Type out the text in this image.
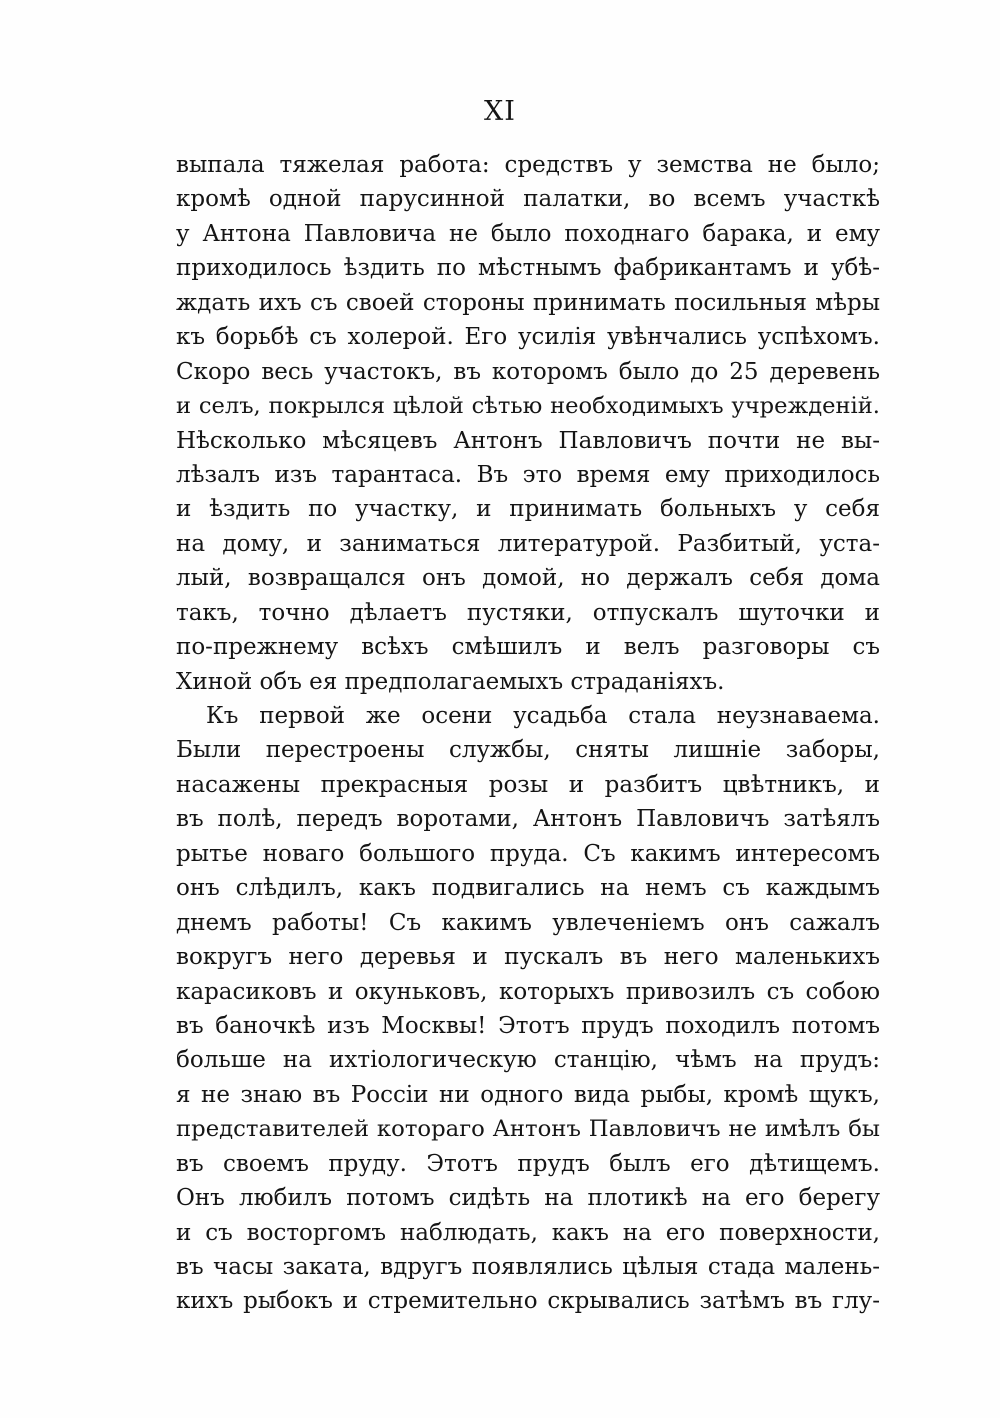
XI
выпала тяжелая работа: средствъ у земства не было;
кромѣ одной парусинной палатки, во всемъ участкѣ
у Антона Павловича не было походнаго барака, и ему
приходилось ѣздить по мѣстнымъ фабрикантамъ и убѣ-
ждать ихъ съ своей стороны принимать посильныя мѣры
къ борьбѣ съ холерой. Его усилія увѣнчались успѣхомъ.
Скоро весь участокъ, въ которомъ было до 25 деревень
и селъ, покрылся цѣлой сѣтью необходимыхъ учрежденій.
Нѣсколько мѣсяцевъ Антонъ Павловичъ почти не вы-
лѣзалъ изъ тарантаса. Въ это время ему приходилось
и ѣздить по участку, и принимать больныхъ у себя
на дому, и заниматься литературой. Разбитый, уста-
лый, возвращался онъ домой, но держалъ себя дома
такъ, точно дѣлаетъ пустяки, отпускалъ шуточки и
по-прежнему всѣхъ смѣшилъ и велъ разговоры съ
Хиной объ ея предполагаемыхъ страданіяхъ.
Къ первой же осени усадьба стала неузнаваема.
Были перестроены службы, сняты лишніе заборы,
насажены прекрасныя розы и разбитъ цвѣтникъ, и
въ полѣ, передъ воротами, Антонъ Павловичъ затѣялъ
рытье новаго большого пруда. Съ какимъ интересомъ
онъ слѣдилъ, какъ подвигались на немъ съ каждымъ
днемъ работы! Съ какимъ увлеченіемъ онъ сажалъ
вокругъ него деревья и пускалъ въ него маленькихъ
карасиковъ и окуньковъ, которыхъ привозилъ съ собою
въ баночкѣ изъ Москвы! Этотъ прудъ походилъ потомъ
больше на ихтіологическую станцію, чѣмъ на прудъ:
я не знаю въ Россіи ни одного вида рыбы, кромѣ щукъ,
представителей котораго Антонъ Павловичъ не имѣлъ бы
въ своемъ пруду. Этотъ прудъ былъ его дѣтищемъ.
Онъ любилъ потомъ сидѣть на плотикѣ на его берегу
и съ восторгомъ наблюдать, какъ на его поверхности,
въ часы заката, вдругъ появлялись цѣлыя стада малень-
кихъ рыбокъ и стремительно скрывались затѣмъ въ глу-
